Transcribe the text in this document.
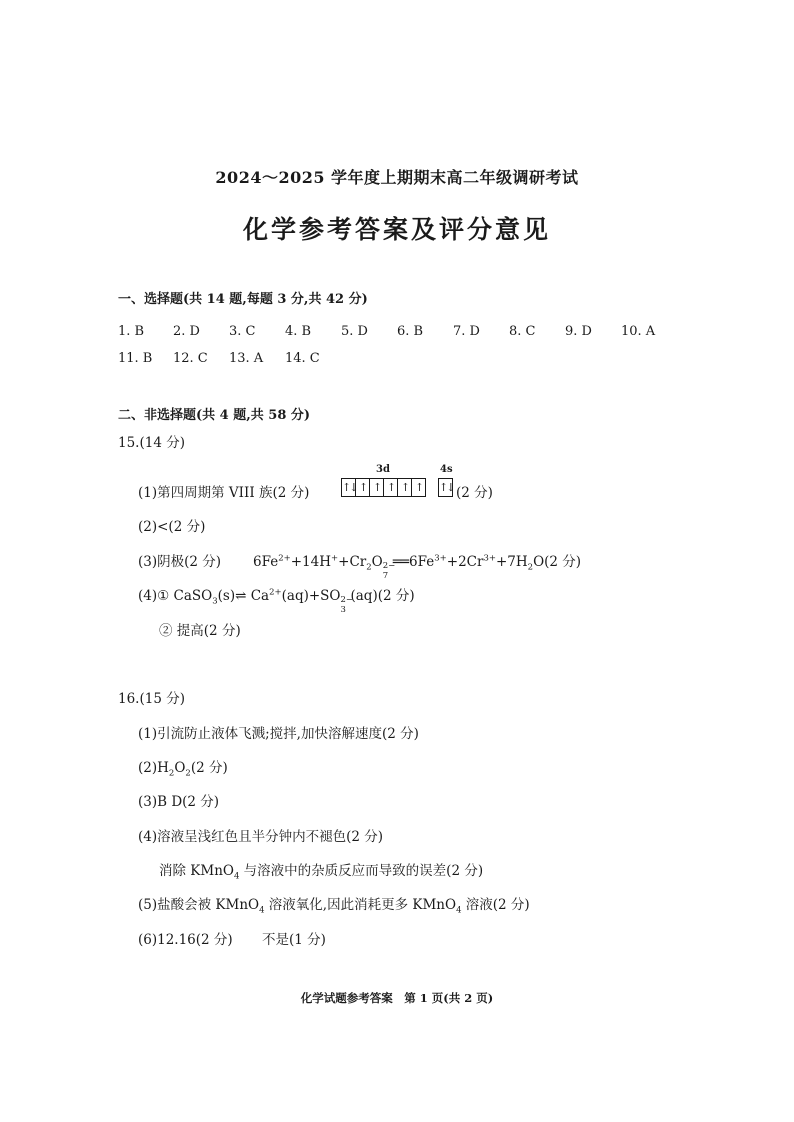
2024～2025 学年度上期期末高二年级调研考试
化学参考答案及评分意见
一、选择题(共 14 题,每题 3 分,共 42 分)
1. B 2. D 3. C 4. B 5. D 6. B 7. D 8. C 9. D 10. A
11. B 12. C 13. A 14. C
二、非选择题(共 4 题,共 58 分)
15.(14 分)
(1)第四周期第 VIII 族(2 分)
3d
↑↓ ↑ ↑ ↑ ↑ ↑
4s
↑↓ (2 分)
(2)<(2 分)
(3)阴极(2 分) $6Fe^{2+}+14H^++Cr_2O$ 2−
7
$══6Fe^{3+}+2Cr^{3+}+7H_2O(2$ 分)
(4)① CaSO$_3$(s)⇌ $Ca^{2+}(aq)+SO$ 2−
3
(aq)(2 分)
② 提高(2 分)
16.(15 分)
(1)引流防止液体飞溅;搅拌,加快溶解速度(2 分)
$(2)H_2O_2(2$ 分)
(3)B D(2 分)
(4)溶液呈浅红色且半分钟内不褪色(2 分)
消除 KMnO$_4$ 与溶液中的杂质反应而导致的误差(2 分)
(5)盐酸会被 KMnO$_4$ 溶液氧化,因此消耗更多 KMnO$_4$ 溶液(2 分)
(6)12.16(2 分) 不是(1 分)
化学试题参考答案　第 1 页(共 2 页)
